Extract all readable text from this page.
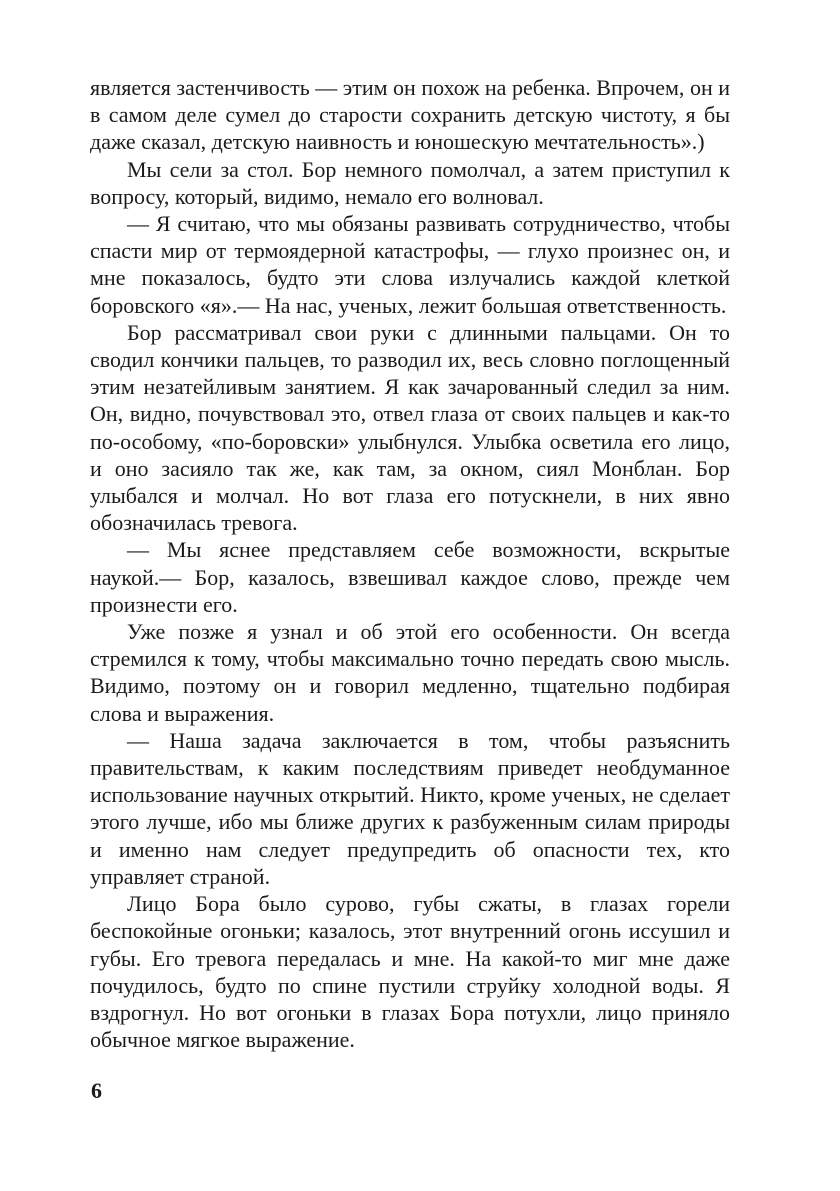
является застенчивость — этим он похож на ребенка. Впрочем, он и в самом деле сумел до старости сохранить детскую чистоту, я бы даже сказал, детскую наивность и юношескую мечтательность».)

Мы сели за стол. Бор немного помолчал, а затем приступил к вопросу, который, видимо, немало его волновал.

— Я считаю, что мы обязаны развивать сотрудничество, чтобы спасти мир от термоядерной катастрофы, — глухо произнес он, и мне показалось, будто эти слова излучались каждой клеткой боровского «я».— На нас, ученых, лежит большая ответственность.

Бор рассматривал свои руки с длинными пальцами. Он то сводил кончики пальцев, то разводил их, весь словно поглощенный этим незатейливым занятием. Я как зачарованный следил за ним. Он, видно, почувствовал это, отвел глаза от своих пальцев и как-то по-особому, «по-боровски» улыбнулся. Улыбка осветила его лицо, и оно засияло так же, как там, за окном, сиял Монблан. Бор улыбался и молчал. Но вот глаза его потускнели, в них явно обозначилась тревога.

— Мы яснее представляем себе возможности, вскрытые наукой.— Бор, казалось, взвешивал каждое слово, прежде чем произнести его.

Уже позже я узнал и об этой его особенности. Он всегда стремился к тому, чтобы максимально точно передать свою мысль. Видимо, поэтому он и говорил медленно, тщательно подбирая слова и выражения.

— Наша задача заключается в том, чтобы разъяснить правительствам, к каким последствиям приведет необдуманное использование научных открытий. Никто, кроме ученых, не сделает этого лучше, ибо мы ближе других к разбуженным силам природы и именно нам следует предупредить об опасности тех, кто управляет страной.

Лицо Бора было сурово, губы сжаты, в глазах горели беспокойные огоньки; казалось, этот внутренний огонь иссушил и губы. Его тревога передалась и мне. На какой-то миг мне даже почудилось, будто по спине пустили струйку холодной воды. Я вздрогнул. Но вот огоньки в глазах Бора потухли, лицо приняло обычное мягкое выражение.

6
